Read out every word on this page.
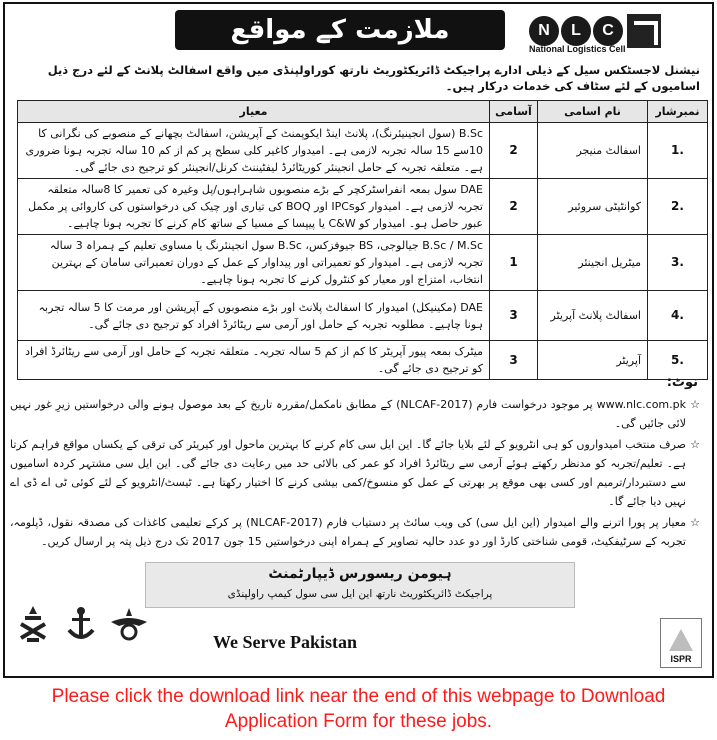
ملازمت کے مواقع	N	L	C
National Logistics Cell

نیشنل لاجسٹکس سیل کے ذیلی ادارے پراجیکٹ ڈائریکٹوریٹ نارتھ کوراولپنڈی میں واقع اسفالٹ پلانٹ کے لئے درج ذیل اسامیوں کے لئے سٹاف کی خدمات درکار ہیں۔

نمبرشار	نام اسامی	آسامی	معیار
1.	اسفالٹ منیجر	2	B.Sc (سول انجینیئرنگ)، پلانٹ اینڈ ایکوپمنٹ کے آپریشن، اسفالٹ بچھانے کے منصوبے کی نگرانی کا 10سے 15 سالہ تجربہ لازمی ہے۔ امیدوار کاغیر کلی سطح پر کم از کم 10 سالہ تجربہ ہونا ضروری ہے۔ متعلقہ تجربہ کے حامل انجینئر کوریٹائرڈ لیفٹیننٹ کرنل/انجینئر کو ترجیح دی جائے گی۔
2.	کوانٹیٹی سروئیر	2	DAE سول بمعہ انفراسٹرکچر کے بڑے منصوبوں شاہراہوں/پل وغیرہ کی تعمیر کا 8سالہ متعلقہ تجربہ لازمی ہے۔ امیدوار کوIPCs اور BOQ کی تیاری اور چیک کی درخواستوں کی کاروائی پر مکمل عبور حاصل ہو۔ امیدوار کو C&W یا پیپسا کے مسیا کے ساتھ کام کرنے کا تجربہ ہونا چاہیے۔
3.	میٹریل انجینئر	1	B.Sc / M.Sc جیالوجی، BS جیوفزکس، B.Sc سول انجینئرنگ یا مساوی تعلیم کے ہمراہ 3 سالہ تجربہ لازمی ہے۔ امیدوار کو تعمیراتی اور پیداوار کے عمل کے دوران تعمیراتی سامان کے بہترین انتخاب، امتزاج اور معیار کو کنٹرول کرنے کا تجربہ ہونا چاہیے۔
4.	اسفالٹ پلانٹ آپریٹر	3	DAE (مکینیکل) امیدوار کا اسفالٹ پلانٹ اور بڑے منصوبوں کے آپریشن اور مرمت کا 5 سالہ تجربہ ہونا چاہیے۔ مطلوبہ تجربہ کے حامل اور آرمی سے ریٹائرڈ افراد کو ترجیح دی جائے گی۔
5.	آپریٹر	3	میٹرک بمعہ پیور آپریٹر کا کم از کم 5 سالہ تجربہ۔ متعلقہ تجربہ کے حامل اور آرمی سے ریٹائرڈ افراد کو ترجیح دی جائے گی۔
نوٹ:

☆
www.nlc.com.pk پر موجود درخواست فارم (NLCAF-2017) کے مطابق نامکمل/مقررہ تاریخ کے بعد موصول ہونے والی درخواستیں زیرِ غور نہیں لائی جائیں گی۔

☆
صرف منتخب امیدواروں کو ہی انٹرویو کے لئے بلایا جائے گا۔ این ایل سی کام کرنے کا بہترین ماحول اور کیریئر کی ترقی کے یکساں مواقع فراہم کرتا ہے۔ تعلیم/تجربہ کو مدنظر رکھتے ہوئے آرمی سے ریٹائرڈ افراد کو عمر کی بالائی حد میں رعایت دی جائے گی۔ این ایل سی مشتہر کردہ اسامیوں سے دستبردار/ترمیم اور کسی بھی موقع پر بھرتی کے عمل کو منسوخ/کمی بیشی کرنے کا اختیار رکھتا ہے۔ ٹیسٹ/انٹرویو کے لئے کوئی ٹی اے ڈی اے نہیں دیا جائے گا۔

☆
معیار پر پورا اترنے والے امیدوار (این ایل سی) کی ویب سائٹ پر دستیاب فارم (NLCAF-2017) پر کرکے تعلیمی کاغذات کی مصدقہ نقول، ڈپلومہ، تجربہ کے سرٹیفکیٹ، قومی شناختی کارڈ اور دو عدد حالیہ تصاویر کے ہمراہ اپنی درخواستیں 15 جون 2017 تک درج ذیل پتہ پر ارسال کریں۔

ہیومن ریسورس ڈیپارٹمنٹ
پراجیکٹ ڈائریکٹوریٹ نارتھ این ایل سی سول کیمپ راولپنڈی
We Serve Pakistan
ISPR
Please click the download link near the end of this webpage to Download
Application Form for these jobs.
